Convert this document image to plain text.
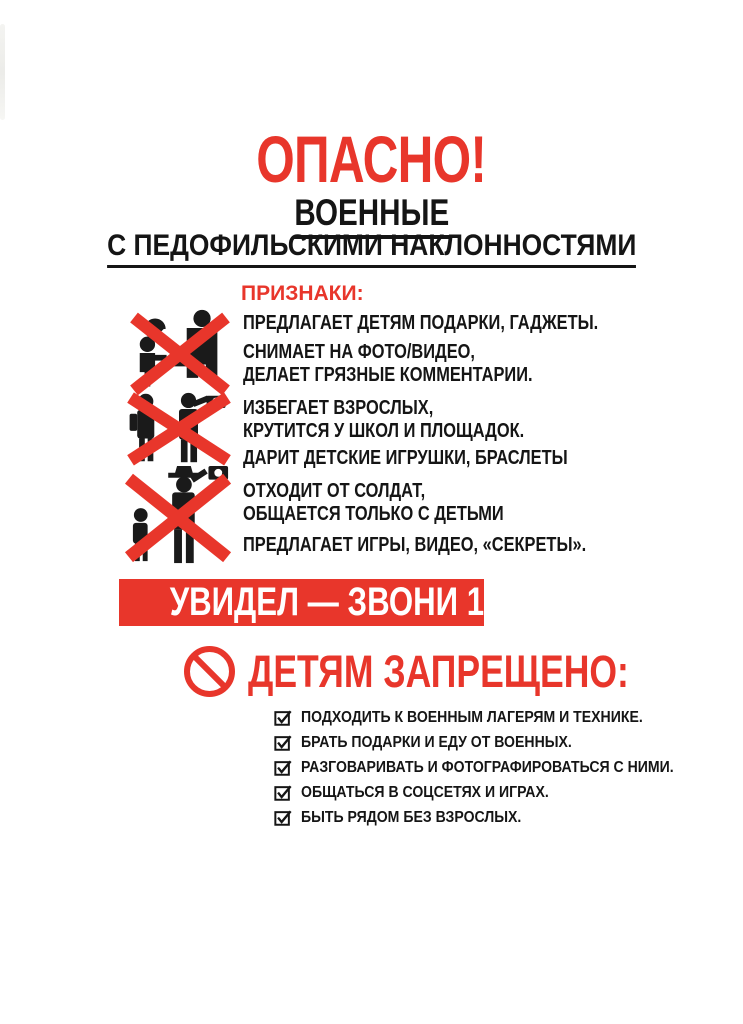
ОПАСНО!
ВОЕННЫЕ
С ПЕДОФИЛЬСКИМИ НАКЛОННОСТЯМИ
ПРИЗНАКИ:
ПРЕДЛАГАЕТ ДЕТЯМ ПОДАРКИ, ГАДЖЕТЫ.
СНИМАЕТ НА ФОТО/ВИДЕО,
ДЕЛАЕТ ГРЯЗНЫЕ КОММЕНТАРИИ.
ИЗБЕГАЕТ ВЗРОСЛЫХ,
КРУТИТСЯ У ШКОЛ И ПЛОЩАДОК.
ДАРИТ ДЕТСКИЕ ИГРУШКИ, БРАСЛЕТЫ
ОТХОДИТ ОТ СОЛДАТ,
ОБЩАЕТСЯ ТОЛЬКО С ДЕТЬМИ
ПРЕДЛАГАЕТ ИГРЫ, ВИДЕО, «СЕКРЕТЫ».
УВИДЕЛ — ЗВОНИ 102!
ДЕТЯМ ЗАПРЕЩЕНО:
ПОДХОДИТЬ К ВОЕННЫМ ЛАГЕРЯМ И ТЕХНИКЕ.
БРАТЬ ПОДАРКИ И ЕДУ ОТ ВОЕННЫХ.
РАЗГОВАРИВАТЬ И ФОТОГРАФИРОВАТЬСЯ С НИМИ.
ОБЩАТЬСЯ В СОЦСЕТЯХ И ИГРАХ.
БЫТЬ РЯДОМ БЕЗ ВЗРОСЛЫХ.
